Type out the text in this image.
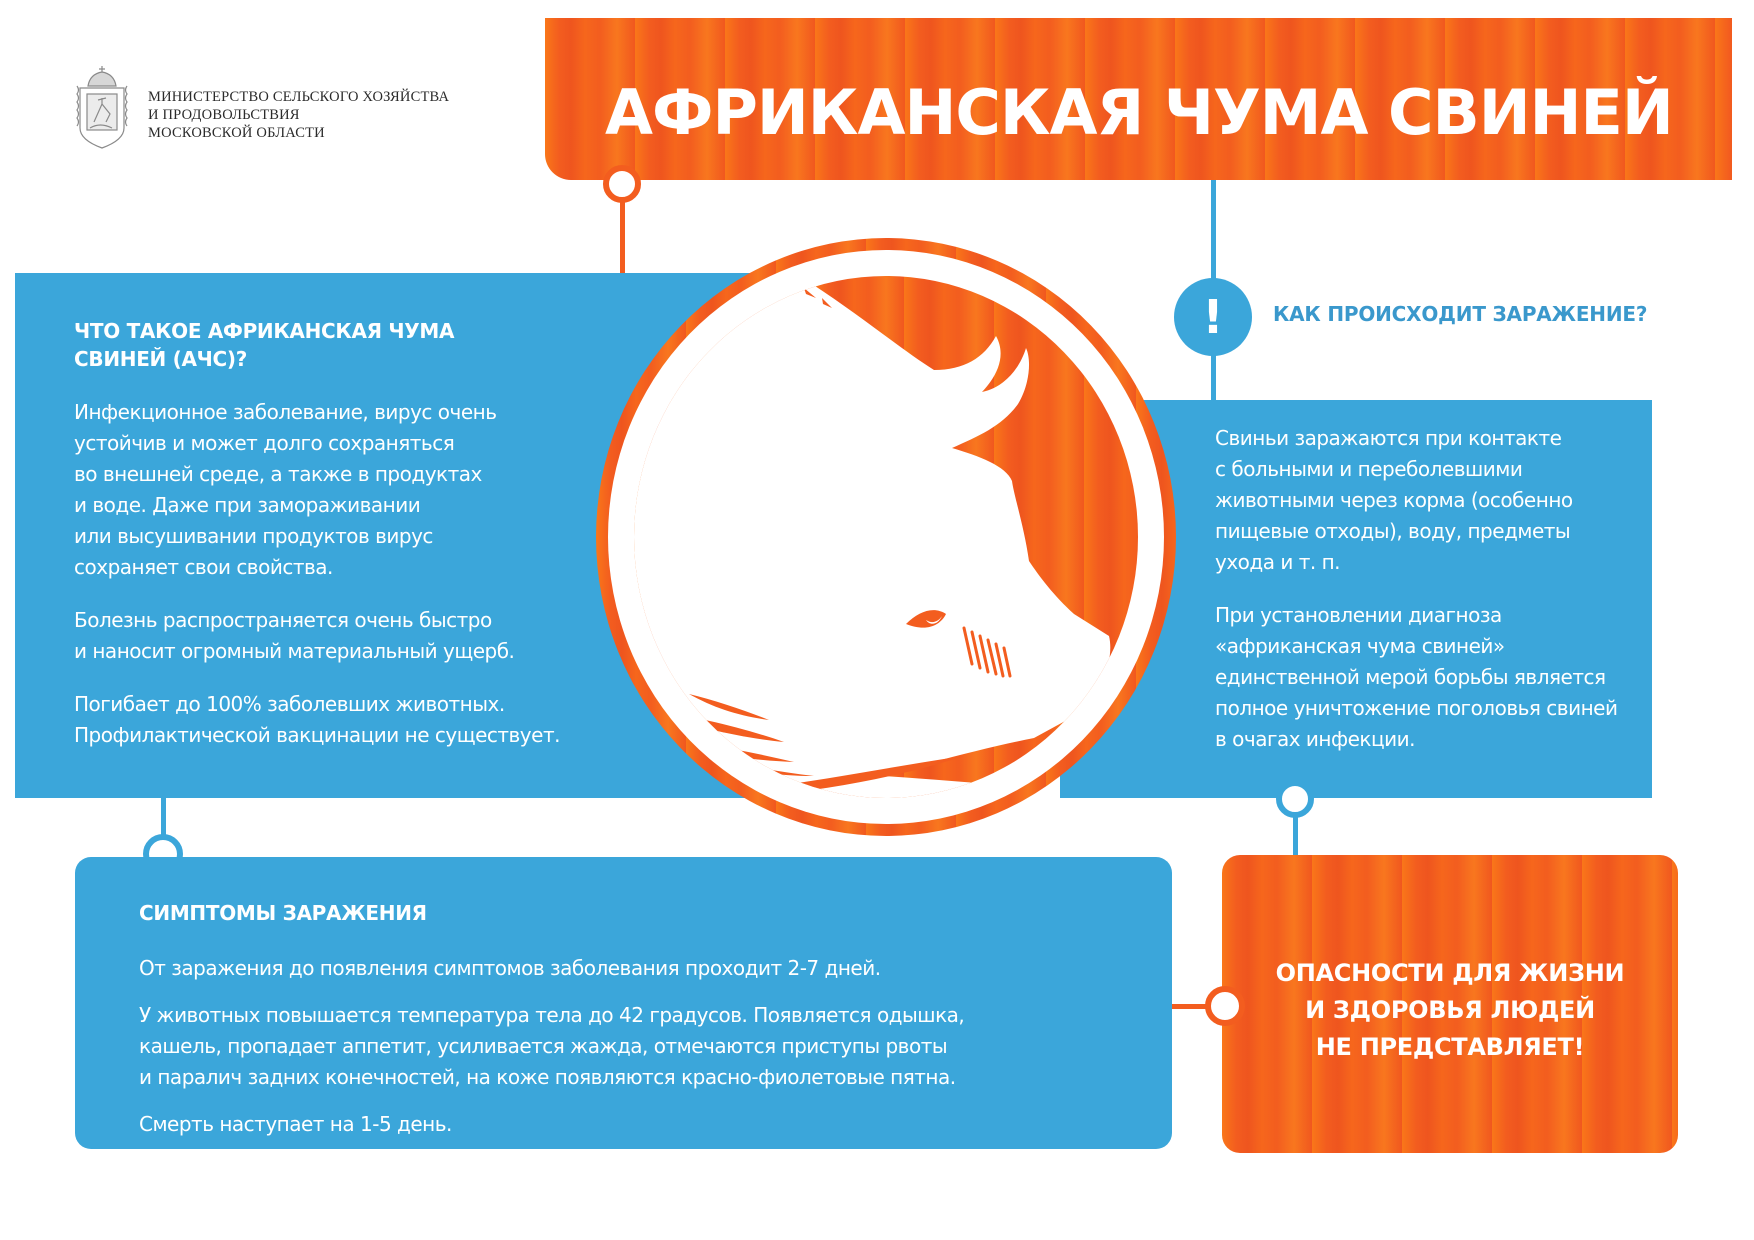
МИНИСТЕРСТВО СЕЛЬСКОГО ХОЗЯЙСТВА
И ПРОДОВОЛЬСТВИЯ
МОСКОВСКОЙ ОБЛАСТИ	АФРИКАНСКАЯ ЧУМА СВИНЕЙ

Свиньи заражаются при контакте
с больными и переболевшими
животными через корма (особенно
пищевые отходы), воду, предметы
ухода и т. п.

При установлении диагноза
«африканская чума свиней»
единственной мерой борьбы является
полное уничтожение поголовья свиней
в очагах инфекции.

! КАК ПРОИСХОДИТ ЗАРАЖЕНИЕ?
ЧТО ТАКОЕ АФРИКАНСКАЯ ЧУМА
СВИНЕЙ (АЧС)?

Инфекционное заболевание, вирус очень
устойчив и может долго сохраняться
во внешней среде, а также в продуктах
и воде. Даже при замораживании
или высушивании продуктов вирус
сохраняет свои свойства.

Болезнь распространяется очень быстро
и наносит огромный материальный ущерб.

Погибает до 100% заболевших животных.
Профилактической вакцинации не существует.

СИМПТОМЫ ЗАРАЖЕНИЯ

От заражения до появления симптомов заболевания проходит 2-7 дней.

У животных повышается температура тела до 42 градусов. Появляется одышка,
кашель, пропадает аппетит, усиливается жажда, отмечаются приступы рвоты
и паралич задних конечностей, на коже появляются красно-фиолетовые пятна.

Смерть наступает на 1-5 день.

ОПАСНОСТИ ДЛЯ ЖИЗНИ
И ЗДОРОВЬЯ ЛЮДЕЙ
НЕ ПРЕДСТАВЛЯЕТ!
